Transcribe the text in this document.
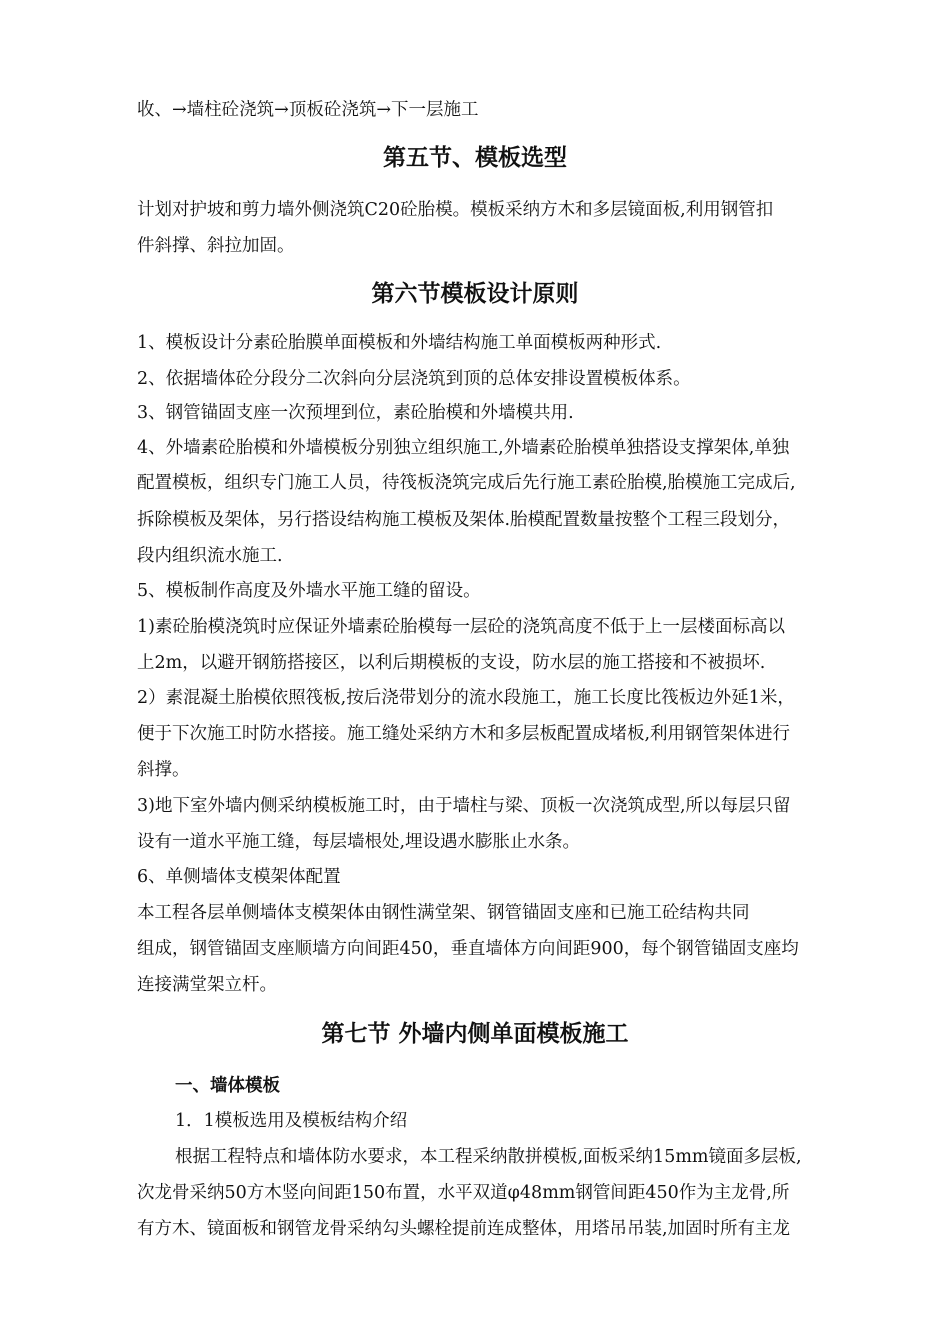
收、→墙柱砼浇筑→顶板砼浇筑→下一层施工
第五节、模板选型
计划对护坡和剪力墙外侧浇筑C20砼胎模。模板采纳方木和多层镜面板,利用钢管扣
件斜撑、斜拉加固。
第六节模板设计原则
1、模板设计分素砼胎膜单面模板和外墙结构施工单面模板两种形式.
2、依据墙体砼分段分二次斜向分层浇筑到顶的总体安排设置模板体系。
3、钢管锚固支座一次预埋到位，素砼胎模和外墙模共用.
4、外墙素砼胎模和外墙模板分别独立组织施工,外墙素砼胎模单独搭设支撑架体,单独
配置模板，组织专门施工人员，待筏板浇筑完成后先行施工素砼胎模,胎模施工完成后,
拆除模板及架体，另行搭设结构施工模板及架体.胎模配置数量按整个工程三段划分，
段内组织流水施工.
5、模板制作高度及外墙水平施工缝的留设。
1)素砼胎模浇筑时应保证外墙素砼胎模每一层砼的浇筑高度不低于上一层楼面标高以
上2m，以避开钢筋搭接区，以利后期模板的支设，防水层的施工搭接和不被损坏.
2）素混凝土胎模依照筏板,按后浇带划分的流水段施工，施工长度比筏板边外延1米，
便于下次施工时防水搭接。施工缝处采纳方木和多层板配置成堵板,利用钢管架体进行
斜撑。
3)地下室外墙内侧采纳模板施工时，由于墙柱与梁、顶板一次浇筑成型,所以每层只留
设有一道水平施工缝，每层墙根处,埋设遇水膨胀止水条。
6、单侧墙体支模架体配置
本工程各层单侧墙体支模架体由钢性满堂架、钢管锚固支座和已施工砼结构共同
组成，钢管锚固支座顺墙方向间距450，垂直墙体方向间距900，每个钢管锚固支座均
连接满堂架立杆。
第七节 外墙内侧单面模板施工
一、墙体模板
1．1模板选用及模板结构介绍
根据工程特点和墙体防水要求，本工程采纳散拼模板,面板采纳15mm镜面多层板,
次龙骨采纳50方木竖向间距150布置，水平双道φ48mm钢管间距450作为主龙骨,所
有方木、镜面板和钢管龙骨采纳勾头螺栓提前连成整体，用塔吊吊装,加固时所有主龙
